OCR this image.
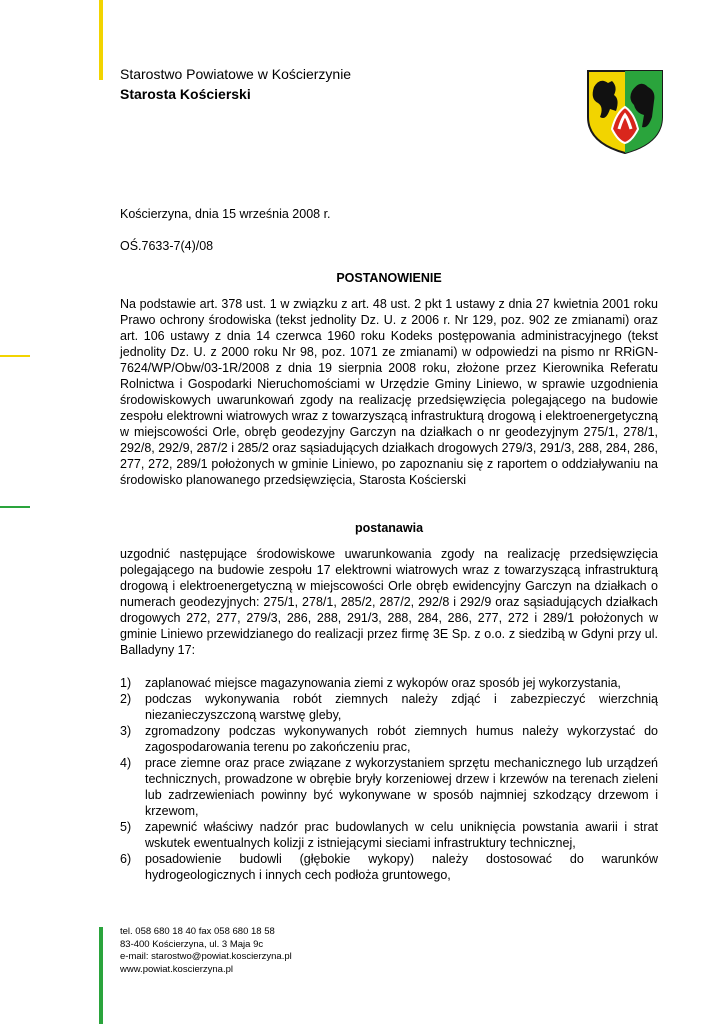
Starostwo Powiatowe w Kościerzynie
Starosta Kościerski
Kościerzyna, dnia 15 września 2008 r.
OŚ.7633-7(4)/08
POSTANOWIENIE

Na podstawie art. 378 ust. 1 w związku z art. 48 ust. 2 pkt 1 ustawy z dnia 27 kwietnia 2001 roku Prawo ochrony środowiska (tekst jednolity Dz. U. z 2006 r. Nr 129, poz. 902 ze zmianami) oraz art. 106 ustawy z dnia 14 czerwca 1960 roku Kodeks postępowania administracyjnego (tekst jednolity Dz. U. z 2000 roku Nr 98, poz. 1071 ze zmianami) w odpowiedzi na pismo nr RRiGN-7624/WP/Obw/03-1R/2008 z dnia 19 sierpnia 2008 roku, złożone przez Kierownika Referatu Rolnictwa i Gospodarki Nieruchomościami w Urzędzie Gminy Liniewo, w sprawie uzgodnienia środowiskowych uwarunkowań zgody na realizację przedsięwzięcia polegającego na budowie zespołu elektrowni wiatrowych wraz z towarzyszącą infrastrukturą drogową i elektroenergetyczną w miejscowości Orle, obręb geodezyjny Garczyn na działkach o nr geodezyjnym 275/1, 278/1, 292/8, 292/9, 287/2 i 285/2 oraz sąsiadujących działkach drogowych 279/3, 291/3, 288, 284, 286, 277, 272, 289/1 położonych w gminie Liniewo, po zapoznaniu się z raportem o oddziaływaniu na środowisko planowanego przedsięwzięcia, Starosta Kościerski

postanawia

uzgodnić następujące środowiskowe uwarunkowania zgody na realizację przedsięwzięcia polegającego na budowie zespołu 17 elektrowni wiatrowych wraz z towarzyszącą infrastrukturą drogową i elektroenergetyczną w miejscowości Orle obręb ewidencyjny Garczyn na działkach o numerach geodezyjnych: 275/1, 278/1, 285/2, 287/2, 292/8 i 292/9 oraz sąsiadujących działkach drogowych 272, 277, 279/3, 286, 288, 291/3, 288, 284, 286, 277, 272 i 289/1 położonych w gminie Liniewo przewidzianego do realizacji przez firmę 3E Sp. z o.o. z siedzibą w Gdyni przy ul. Balladyny 17:

1) zaplanować miejsce magazynowania ziemi z wykopów oraz sposób jej wykorzystania,
2) podczas wykonywania robót ziemnych należy zdjąć i zabezpieczyć wierzchnią niezanieczyszczoną warstwę gleby,
3) zgromadzony podczas wykonywanych robót ziemnych humus należy wykorzystać do zagospodarowania terenu po zakończeniu prac,
4) prace ziemne oraz prace związane z wykorzystaniem sprzętu mechanicznego lub urządzeń technicznych, prowadzone w obrębie bryły korzeniowej drzew i krzewów na terenach zieleni lub zadrzewieniach powinny być wykonywane w sposób najmniej szkodzący drzewom i krzewom,
5) zapewnić właściwy nadzór prac budowlanych w celu uniknięcia powstania awarii i strat wskutek ewentualnych kolizji z istniejącymi sieciami infrastruktury technicznej,
6) posadowienie budowli (głębokie wykopy) należy dostosować do warunków hydrogeologicznych i innych cech podłoża gruntowego,
tel. 058 680 18 40 fax 058 680 18 58
83-400 Kościerzyna, ul. 3 Maja 9c
e-mail: starostwo@powiat.koscierzyna.pl
www.powiat.koscierzyna.pl
